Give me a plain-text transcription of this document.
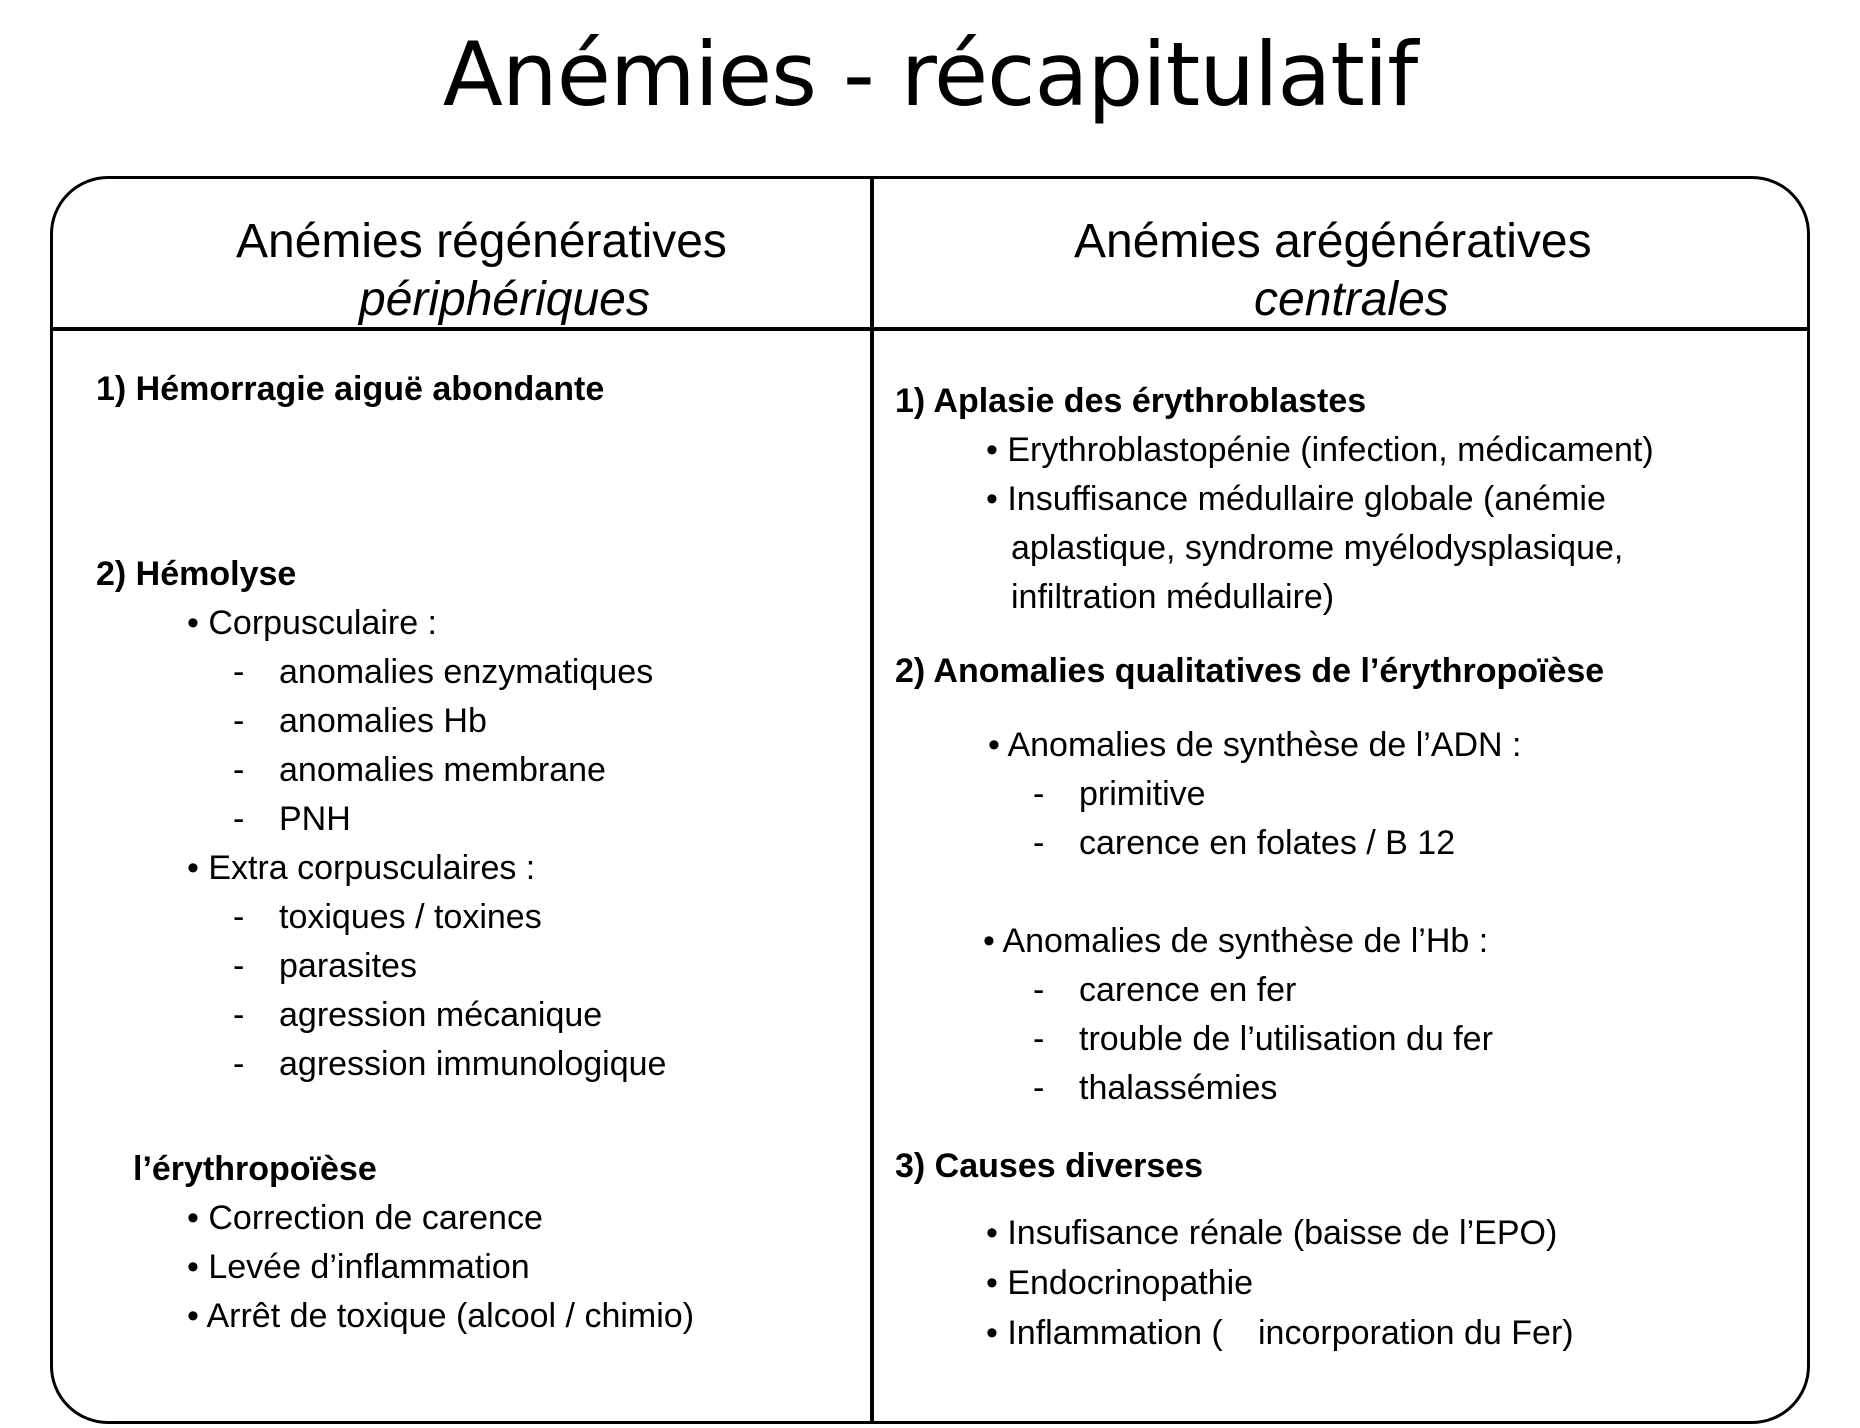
Anémies - récapitulatif
Anémies régénératives
périphériques
Anémies arégénératives
centrales
1) Hémorragie aiguë abondante
2) Hémolyse
• Corpusculaire :
- anomalies enzymatiques
- anomalies Hb
- anomalies membrane
- PNH
• Extra corpusculaires :
- toxiques / toxines
- parasites
- agression mécanique
- agression immunologique
l’érythropoïèse
• Correction de carence
• Levée d’inflammation
• Arrêt de toxique (alcool / chimio)
1) Aplasie des érythroblastes
• Erythroblastopénie (infection, médicament)
• Insuffisance médullaire globale (anémie
aplastique, syndrome myélodysplasique,
infiltration médullaire)
2) Anomalies qualitatives de l’érythropoïèse
• Anomalies de synthèse de l’ADN :
- primitive
- carence en folates / B 12
• Anomalies de synthèse de l’Hb :
- carence en fer
- trouble de l’utilisation du fer
- thalassémies
3) Causes diverses
• Insufisance rénale (baisse de l’EPO)
• Endocrinopathie
• Inflammation ( incorporation du Fer)
